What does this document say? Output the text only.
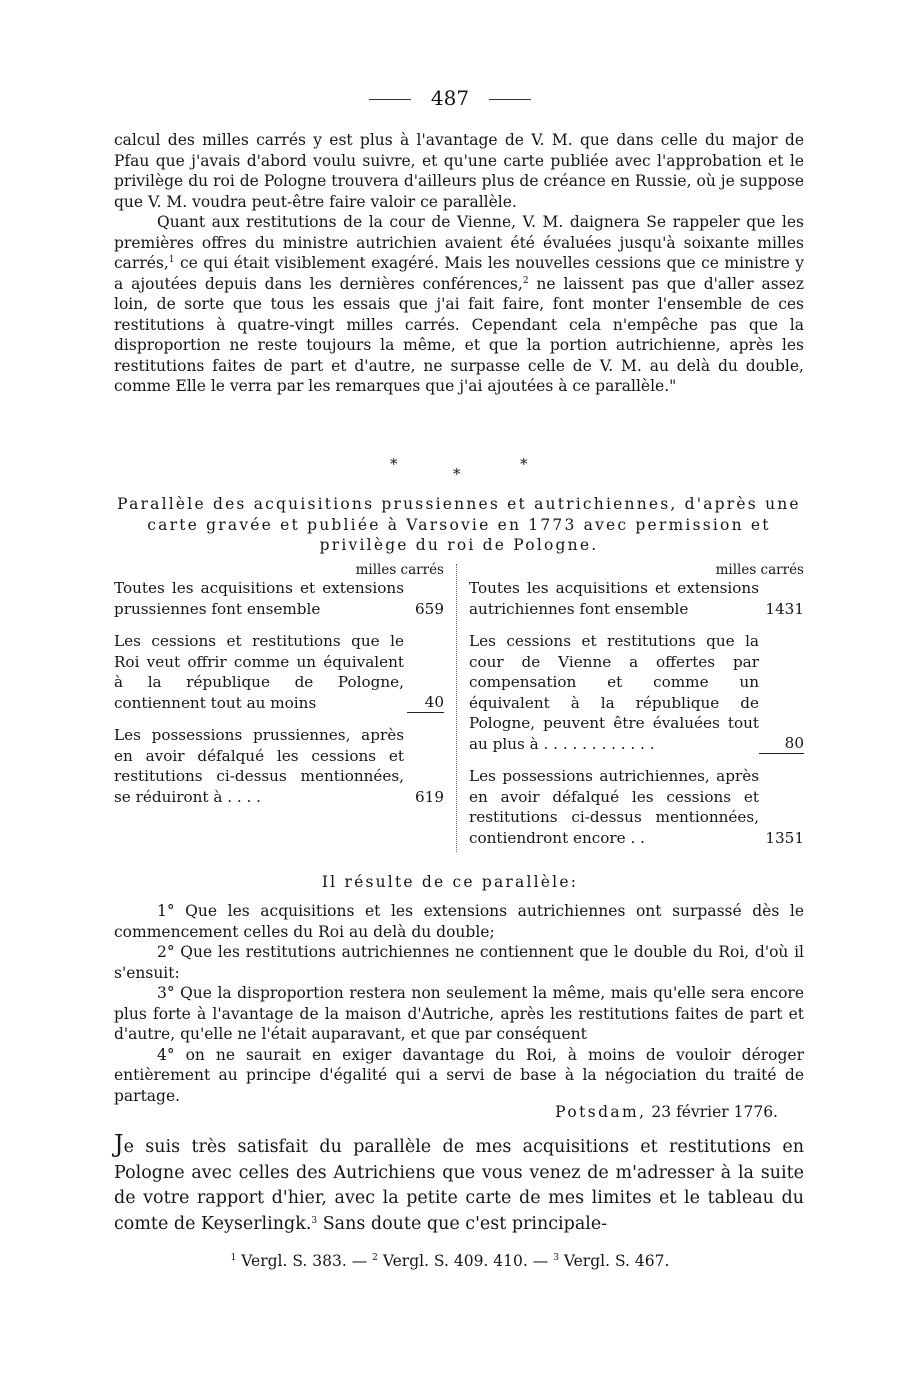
487

calcul des milles carrés y est plus à l'avantage de V. M. que dans celle du major de Pfau que j'avais d'abord voulu suivre, et qu'une carte publiée avec l'approbation et le privilège du roi de Pologne trouvera d'ailleurs plus de créance en Russie, où je suppose que V. M. voudra peut-être faire valoir ce parallèle.

Quant aux restitutions de la cour de Vienne, V. M. daignera Se rappeler que les premières offres du ministre autrichien avaient été évaluées jusqu'à soixante milles carrés,$^1$ ce qui était visiblement exagéré. Mais les nouvelles cessions que ce ministre y a ajoutées depuis dans les dernières conférences,$^2$ ne laissent pas que d'aller assez loin, de sorte que tous les essais que j'ai fait faire, font monter l'ensemble de ces restitutions à quatre-vingt milles carrés. Cependant cela n'empêche pas que la disproportion ne reste toujours la même, et que la portion autrichienne, après les restitutions faites de part et d'autre, ne surpasse celle de V. M. au delà du double, comme Elle le verra par les remarques que j'ai ajoutées à ce parallèle."

*
*
*
Parallèle des acquisitions prussiennes et autrichiennes, d'après une carte gravée et publiée à Varsovie en 1773 avec permission et privilège du roi de Pologne.
milles carrés
Toutes les acquisitions et extensions prussiennes font ensemble	659
Les cessions et restitutions que le Roi veut offrir comme un équivalent à la république de Pologne, contiennent tout au moins	40
Les possessions prussiennes, après en avoir défalqué les cessions et restitutions ci-dessus mentionnées, se réduiront à . . . .	619
milles carrés
Toutes les acquisitions et extensions autrichiennes font ensemble	1431
Les cessions et restitutions que la cour de Vienne a offertes par compensation et comme un équivalent à la république de Pologne, peuvent être évaluées tout au plus à . . . . . . . . . . . .	80
Les possessions autrichiennes, après en avoir défalqué les cessions et restitutions ci-dessus mentionnées, contiendront encore . .	1351
Il résulte de ce parallèle:

1° Que les acquisitions et les extensions autrichiennes ont surpassé dès le commencement celles du Roi au delà du double;

2° Que les restitutions autrichiennes ne contiennent que le double du Roi, d'où il s'ensuit:

3° Que la disproportion restera non seulement la même, mais qu'elle sera encore plus forte à l'avantage de la maison d'Autriche, après les restitutions faites de part et d'autre, qu'elle ne l'était auparavant, et que par conséquent

4° on ne saurait en exiger davantage du Roi, à moins de vouloir déroger entièrement au principe d'égalité qui a servi de base à la négociation du traité de partage.

Potsdam, 23 février 1776.

Je suis très satisfait du parallèle de mes acquisitions et restitutions en Pologne avec celles des Autrichiens que vous venez de m'adresser à la suite de votre rapport d'hier, avec la petite carte de mes limites et le tableau du comte de Keyserlingk.$^3$ Sans doute que c'est principale-

$^1$ Vergl. S. 383. — $^2$ Vergl. S. 409. 410. — $^3$ Vergl. S. 467.
